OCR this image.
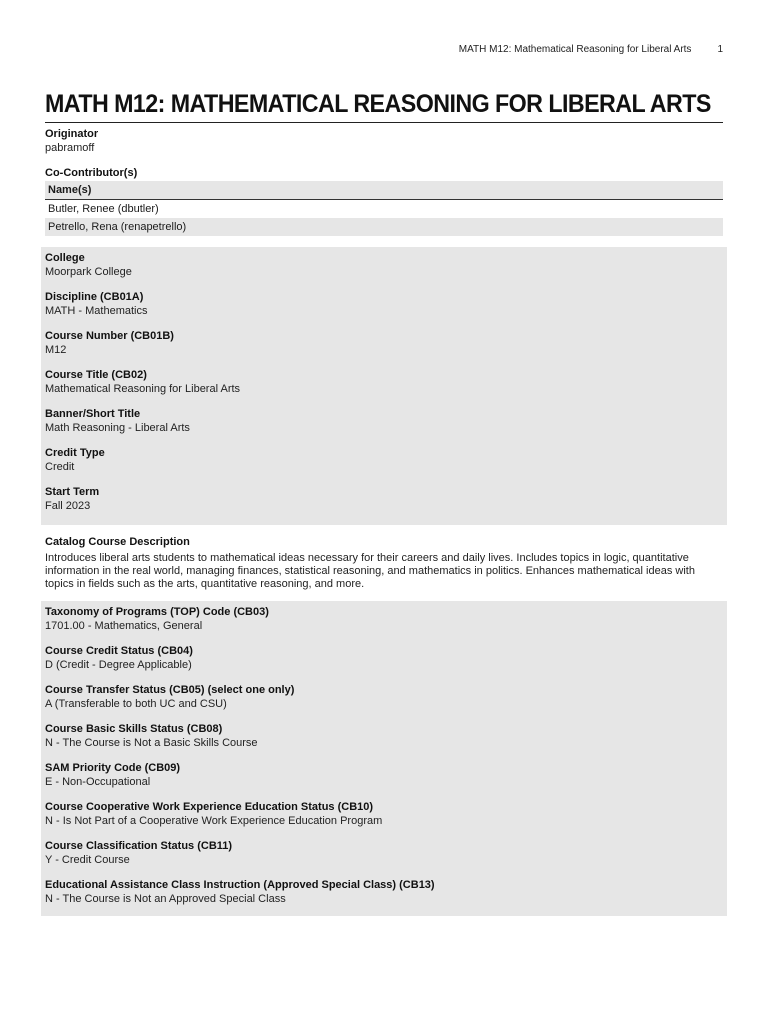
MATH M12: Mathematical Reasoning for Liberal Arts	1
MATH M12: MATHEMATICAL REASONING FOR LIBERAL ARTS
Originator
pabramoff
Co-Contributor(s)
Name(s)
Butler, Renee (dbutler)
Petrello, Rena (renapetrello)
College
Moorpark College
Discipline (CB01A)
MATH - Mathematics
Course Number (CB01B)
M12
Course Title (CB02)
Mathematical Reasoning for Liberal Arts
Banner/Short Title
Math Reasoning - Liberal Arts
Credit Type
Credit
Start Term
Fall 2023
Catalog Course Description
Introduces liberal arts students to mathematical ideas necessary for their careers and daily lives. Includes topics in logic, quantitative information in the real world, managing finances, statistical reasoning, and mathematics in politics. Enhances mathematical ideas with topics in fields such as the arts, quantitative reasoning, and more.
Taxonomy of Programs (TOP) Code (CB03)
1701.00 - Mathematics, General
Course Credit Status (CB04)
D (Credit - Degree Applicable)
Course Transfer Status (CB05) (select one only)
A (Transferable to both UC and CSU)
Course Basic Skills Status (CB08)
N - The Course is Not a Basic Skills Course
SAM Priority Code (CB09)
E - Non-Occupational
Course Cooperative Work Experience Education Status (CB10)
N - Is Not Part of a Cooperative Work Experience Education Program
Course Classification Status (CB11)
Y - Credit Course
Educational Assistance Class Instruction (Approved Special Class) (CB13)
N - The Course is Not an Approved Special Class
